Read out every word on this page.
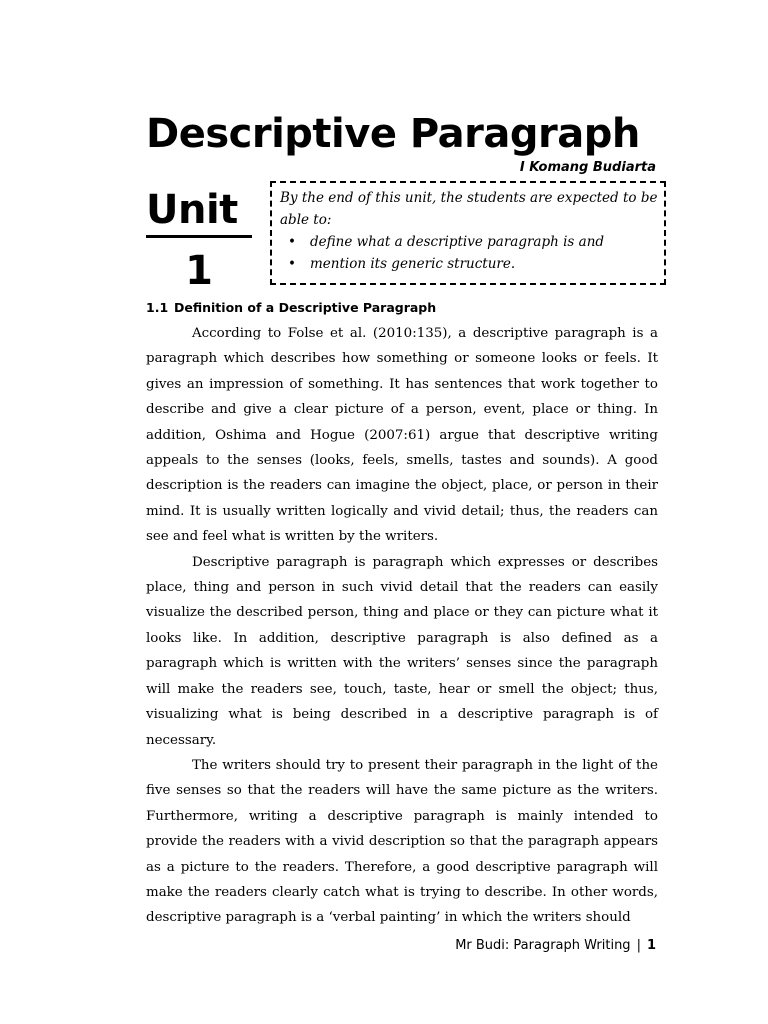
Descriptive Paragraph
I Komang Budiarta
Unit
1

By the end of this unit, the students are expected to be able to:

• define what a descriptive paragraph is and
• mention its generic structure.
1.1 Definition of a Descriptive Paragraph

According to Folse et al. (2010:135), a descriptive paragraph is a paragraph which describes how something or someone looks or feels. It gives an impression of something. It has sentences that work together to describe and give a clear picture of a person, event, place or thing. In addition, Oshima and Hogue (2007:61) argue that descriptive writing appeals to the senses (looks, feels, smells, tastes and sounds). A good description is the readers can imagine the object, place, or person in their mind. It is usually written logically and vivid detail; thus, the readers can see and feel what is written by the writers.

Descriptive paragraph is paragraph which expresses or describes place, thing and person in such vivid detail that the readers can easily visualize the described person, thing and place or they can picture what it looks like. In addition, descriptive paragraph is also defined as a paragraph which is written with the writers’ senses since the paragraph will make the readers see, touch, taste, hear or smell the object; thus, visualizing what is being described in a descriptive paragraph is of necessary.

The writers should try to present their paragraph in the light of the five senses so that the readers will have the same picture as the writers. Furthermore, writing a descriptive paragraph is mainly intended to provide the readers with a vivid description so that the paragraph appears as a picture to the readers. Therefore, a good descriptive paragraph will make the readers clearly catch what is trying to describe. In other words, descriptive paragraph is a ‘verbal painting’ in which the writers should

Mr Budi: Paragraph Writing | 1
